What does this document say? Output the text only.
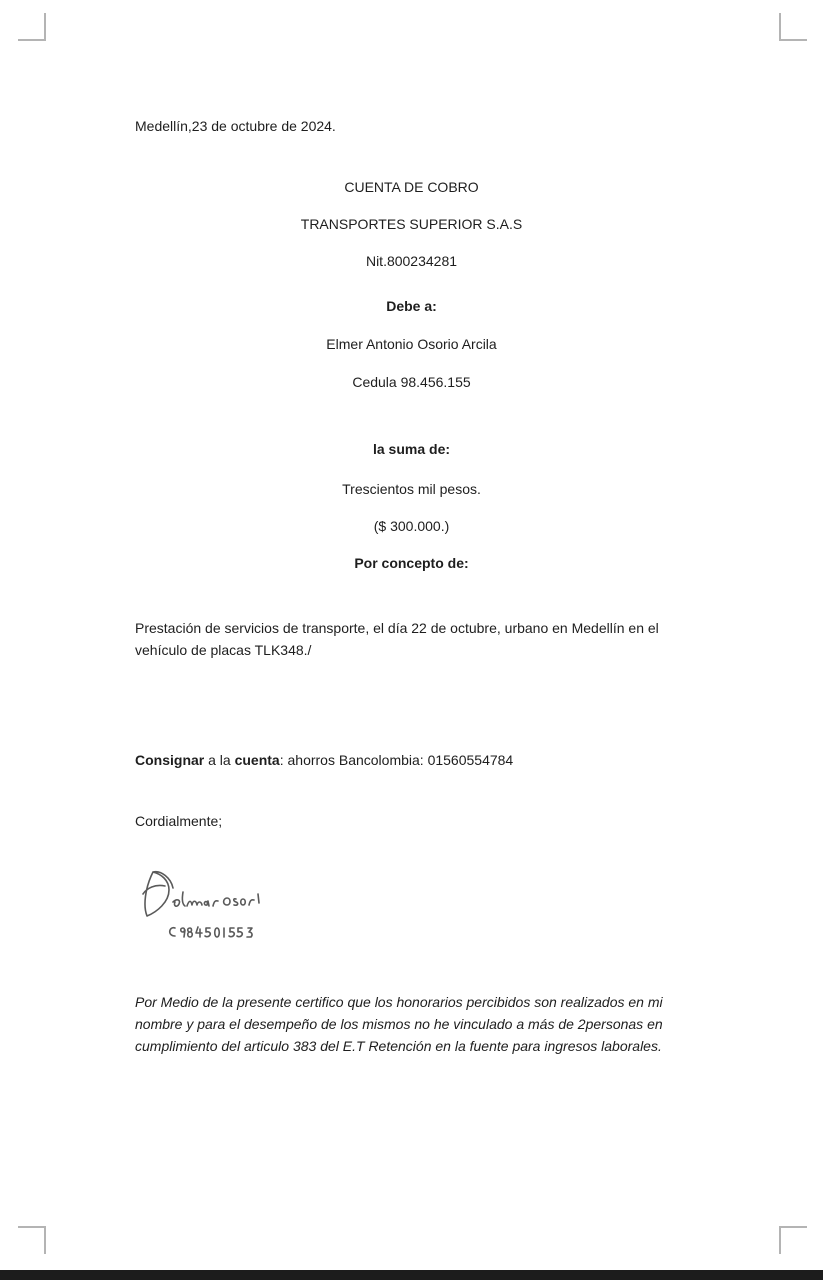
Medellín,23 de octubre de 2024.
CUENTA DE COBRO
TRANSPORTES SUPERIOR S.A.S
Nit.800234281
Debe a:
Elmer Antonio Osorio Arcila
Cedula 98.456.155
la suma de:
Trescientos mil pesos.
($ 300.000.)
Por concepto de:
Prestación de servicios de transporte, el día 22 de octubre, urbano en Medellín en el vehículo de placas TLK348./
Consignar a la cuenta: ahorros Bancolombia: 01560554784
Cordialmente;
Por Medio de la presente certifico que los honorarios percibidos son realizados en mi nombre y para el desempeño de los mismos no he vinculado a más de 2personas en cumplimiento del articulo 383 del E.T Retención en la fuente para ingresos laborales.
